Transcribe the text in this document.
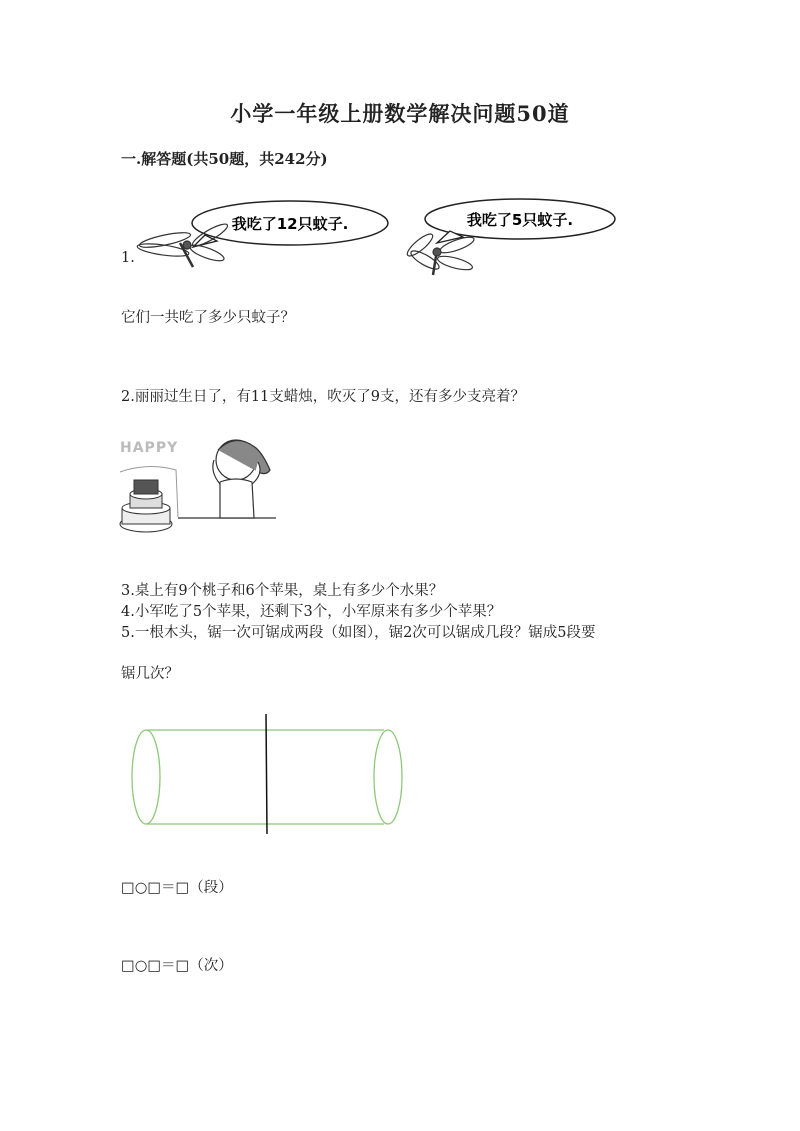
小学一年级上册数学解决问题50道
一.解答题(共50题，共242分)
1.
我吃了12只蚊子.	我吃了5只蚊子.
它们一共吃了多少只蚊子？
2.丽丽过生日了，有11支蜡烛，吹灭了9支，还有多少支亮着？
HAPPY
3.桌上有9个桃子和6个苹果，桌上有多少个水果？
4.小军吃了5个苹果，还剩下3个，小军原来有多少个苹果？
5.一根木头，锯一次可锯成两段（如图），锯2次可以锯成几段？锯成5段要
锯几次？
□○□＝□（段）
□○□＝□（次）
